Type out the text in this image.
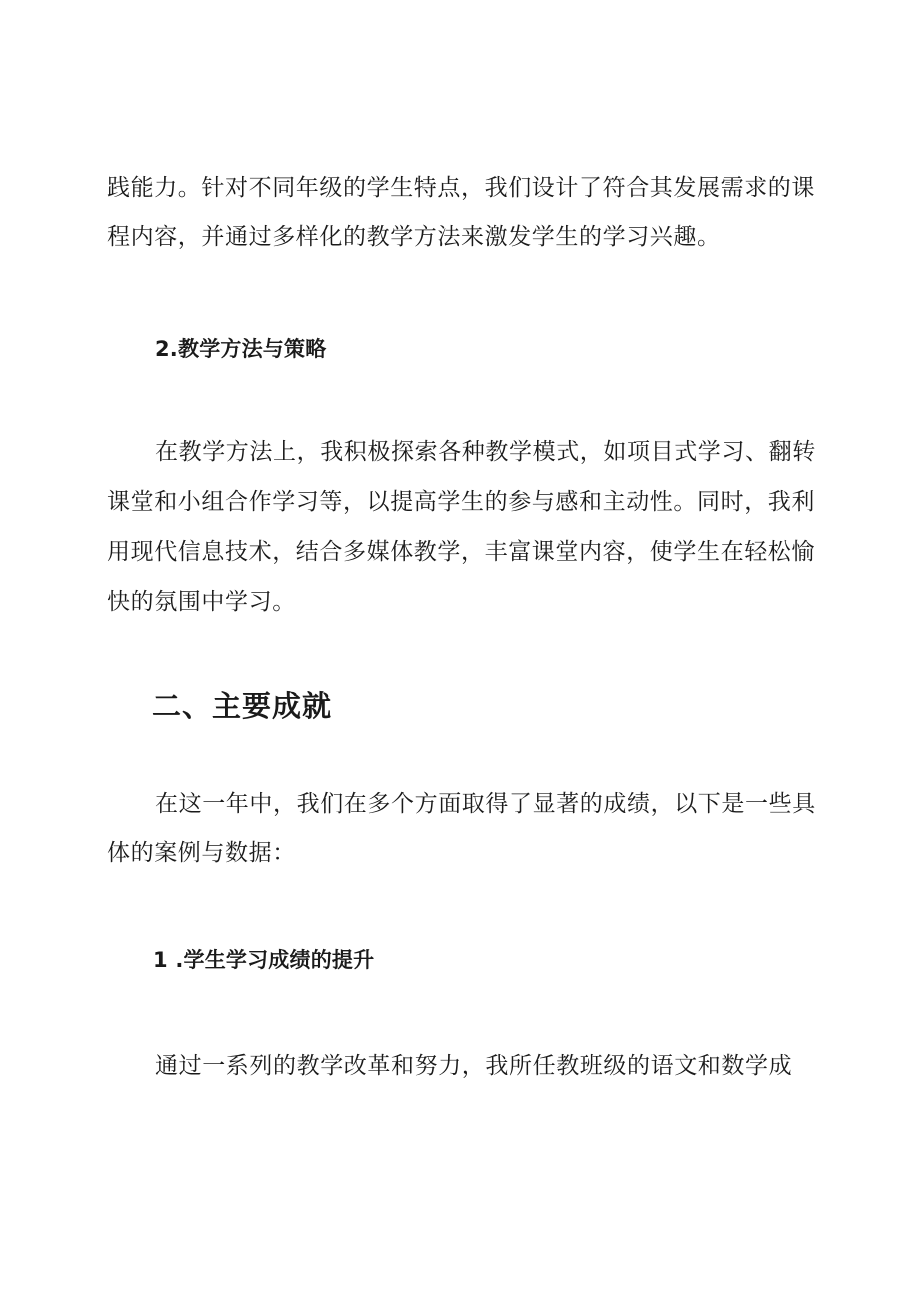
践能力。针对不同年级的学生特点，我们设计了符合其发展需求的课
程内容，并通过多样化的教学方法来激发学生的学习兴趣。
2.教学方法与策略
在教学方法上，我积极探索各种教学模式，如项目式学习、翻转
课堂和小组合作学习等，以提高学生的参与感和主动性。同时，我利
用现代信息技术，结合多媒体教学，丰富课堂内容，使学生在轻松愉
快的氛围中学习。
二、主要成就
在这一年中，我们在多个方面取得了显著的成绩，以下是一些具
体的案例与数据：
1 .学生学习成绩的提升
通过一系列的教学改革和努力，我所任教班级的语文和数学成
